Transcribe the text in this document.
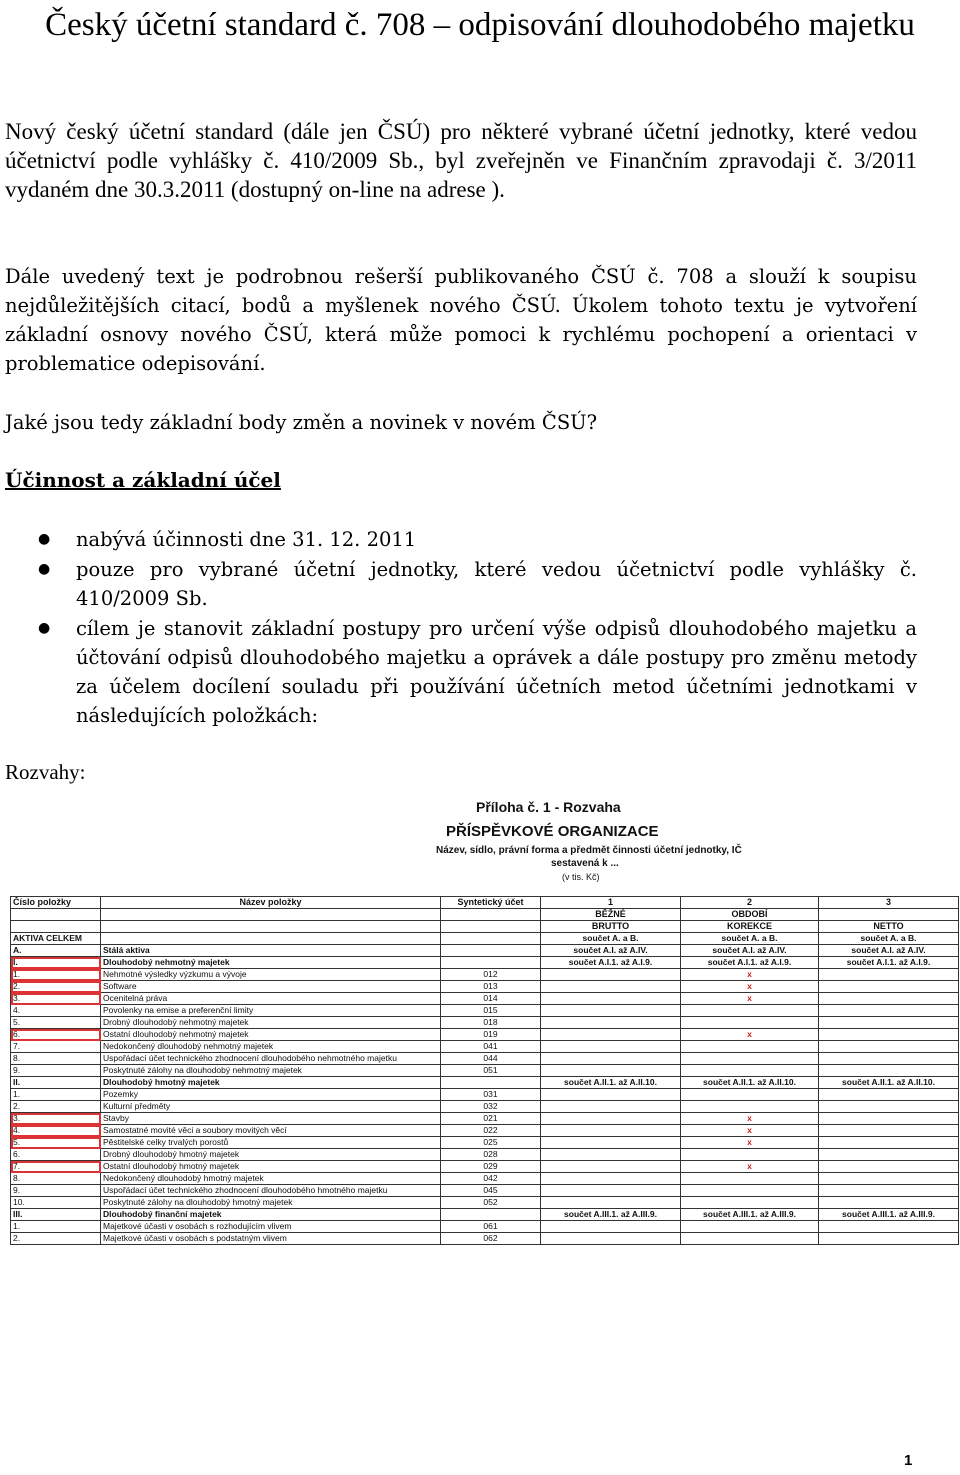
Český účetní standard č. 708 – odpisování dlouhodobého majetku
Nový český účetní standard (dále jen ČSÚ) pro některé vybrané účetní jednotky, které vedou účetnictví podle vyhlášky č. 410/2009 Sb., byl zveřejněn ve Finančním zpravodaji č. 3/2011 vydaném dne 30.3.2011 (dostupný on-line na adrese ).
Dále uvedený text je podrobnou rešerší publikovaného ČSÚ č. 708 a slouží k soupisu nejdůležitějších citací, bodů a myšlenek nového ČSÚ. Úkolem tohoto textu je vytvoření základní osnovy nového ČSÚ, která může pomoci k rychlému pochopení a orientaci v problematice odepisování.
Jaké jsou tedy základní body změn a novinek v novém ČSÚ?
Účinnost a základní účel
● nabývá účinnosti dne 31. 12. 2011
● pouze pro vybrané účetní jednotky, které vedou účetnictví podle vyhlášky č. 410/2009 Sb.
● cílem je stanovit základní postupy pro určení výše odpisů dlouhodobého majetku a účtování odpisů dlouhodobého majetku a oprávek a dále postupy pro změnu metody za účelem docílení souladu při používání účetních metod účetními jednotkami v následujících položkách:
Rozvahy:
Příloha č. 1 - Rozvaha
PŘÍSPĚVKOVÉ ORGANIZACE
Název, sídlo, právní forma a předmět činnosti účetní jednotky, IČ
sestavená k ...
(v tis. Kč)
Číslo položky	Název položky	Syntetický účet	1	2	3
			BĚŽNÉ	OBDOBÍ	
			BRUTTO	KOREKCE	NETTO
AKTIVA CELKEM			součet A. a B.	součet A. a B.	součet A. a B.
A.	Stálá aktiva		součet A.I. až A.IV.	součet A.I. až A.IV.	součet A.I. až A.IV.
I.	Dlouhodobý nehmotný majetek		součet A.I.1. až A.I.9.	součet A.I.1. až A.I.9.	součet A.I.1. až A.I.9.
1.	Nehmotné výsledky výzkumu a vývoje	012		x	
2.	Software	013		x	
3.	Ocenitelná práva	014		x	
4.	Povolenky na emise a preferenční limity	015			
5.	Drobný dlouhodobý nehmotný majetek	018			
6.	Ostatní dlouhodobý nehmotný majetek	019		x	
7.	Nedokončený dlouhodobý nehmotný majetek	041			
8.	Uspořádací účet technického zhodnocení dlouhodobého nehmotného majetku	044			
9.	Poskytnuté zálohy na dlouhodobý nehmotný majetek	051			
II.	Dlouhodobý hmotný majetek		součet A.II.1. až A.II.10.	součet A.II.1. až A.II.10.	součet A.II.1. až A.II.10.
1.	Pozemky	031			
2.	Kulturní předměty	032			
3.	Stavby	021		x	
4.	Samostatné movité věci a soubory movitých věcí	022		x	
5.	Pěstitelské celky trvalých porostů	025		x	
6.	Drobný dlouhodobý hmotný majetek	028			
7.	Ostatní dlouhodobý hmotný majetek	029		x	
8.	Nedokončený dlouhodobý hmotný majetek	042			
9.	Uspořádací účet technického zhodnocení dlouhodobého hmotného majetku	045			
10.	Poskytnuté zálohy na dlouhodobý hmotný majetek	052			
III.	Dlouhodobý finanční majetek		součet A.III.1. až A.III.9.	součet A.III.1. až A.III.9.	součet A.III.1. až A.III.9.
1.	Majetkové účasti v osobách s rozhodujícím vlivem	061			
2.	Majetkové účasti v osobách s podstatným vlivem	062			
1
